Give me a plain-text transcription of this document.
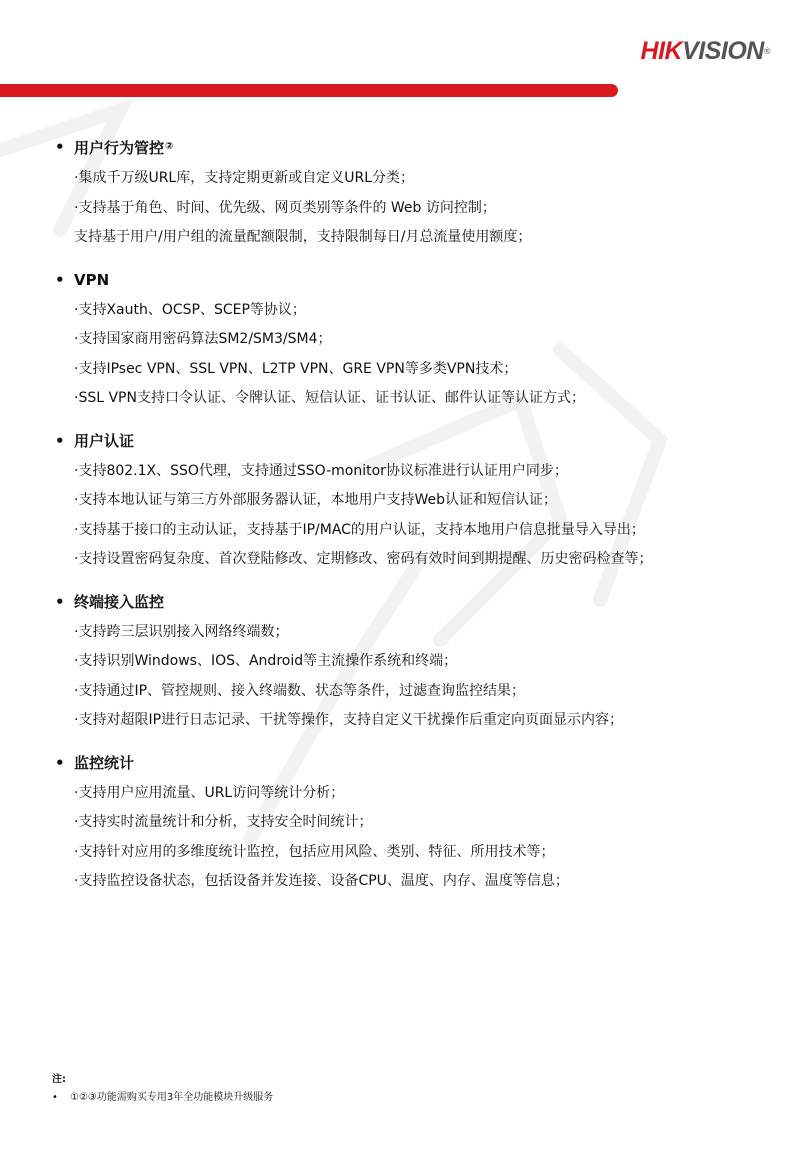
HIKVISION®
• 用户行为管控②
·集成千万级URL库，支持定期更新或自定义URL分类；
·支持基于角色、时间、优先级、网页类别等条件的 Web 访问控制；
支持基于用户/用户组的流量配额限制，支持限制每日/月总流量使用额度；
• VPN
·支持Xauth、OCSP、SCEP等协议；
·支持国家商用密码算法SM2/SM3/SM4；
·支持IPsec VPN、SSL VPN、L2TP VPN、GRE VPN等多类VPN技术；
·SSL VPN支持口令认证、令牌认证、短信认证、证书认证、邮件认证等认证方式；
• 用户认证
·支持802.1X、SSO代理，支持通过SSO-monitor协议标准进行认证用户同步；
·支持本地认证与第三方外部服务器认证，本地用户支持Web认证和短信认证；
·支持基于接口的主动认证，支持基于IP/MAC的用户认证，支持本地用户信息批量导入导出；
·支持设置密码复杂度、首次登陆修改、定期修改、密码有效时间到期提醒、历史密码检查等；
• 终端接入监控
·支持跨三层识别接入网络终端数；
·支持识别Windows、IOS、Android等主流操作系统和终端；
·支持通过IP、管控规则、接入终端数、状态等条件，过滤查询监控结果；
·支持对超限IP进行日志记录、干扰等操作，支持自定义干扰操作后重定向页面显示内容；
• 监控统计
·支持用户应用流量、URL访问等统计分析；
·支持实时流量统计和分析，支持安全时间统计；
·支持针对应用的多维度统计监控，包括应用风险、类别、特征、所用技术等；
·支持监控设备状态，包括设备并发连接、设备CPU、温度、内存、温度等信息；
注:
• ①②③功能需购买专用3年全功能模块升级服务
